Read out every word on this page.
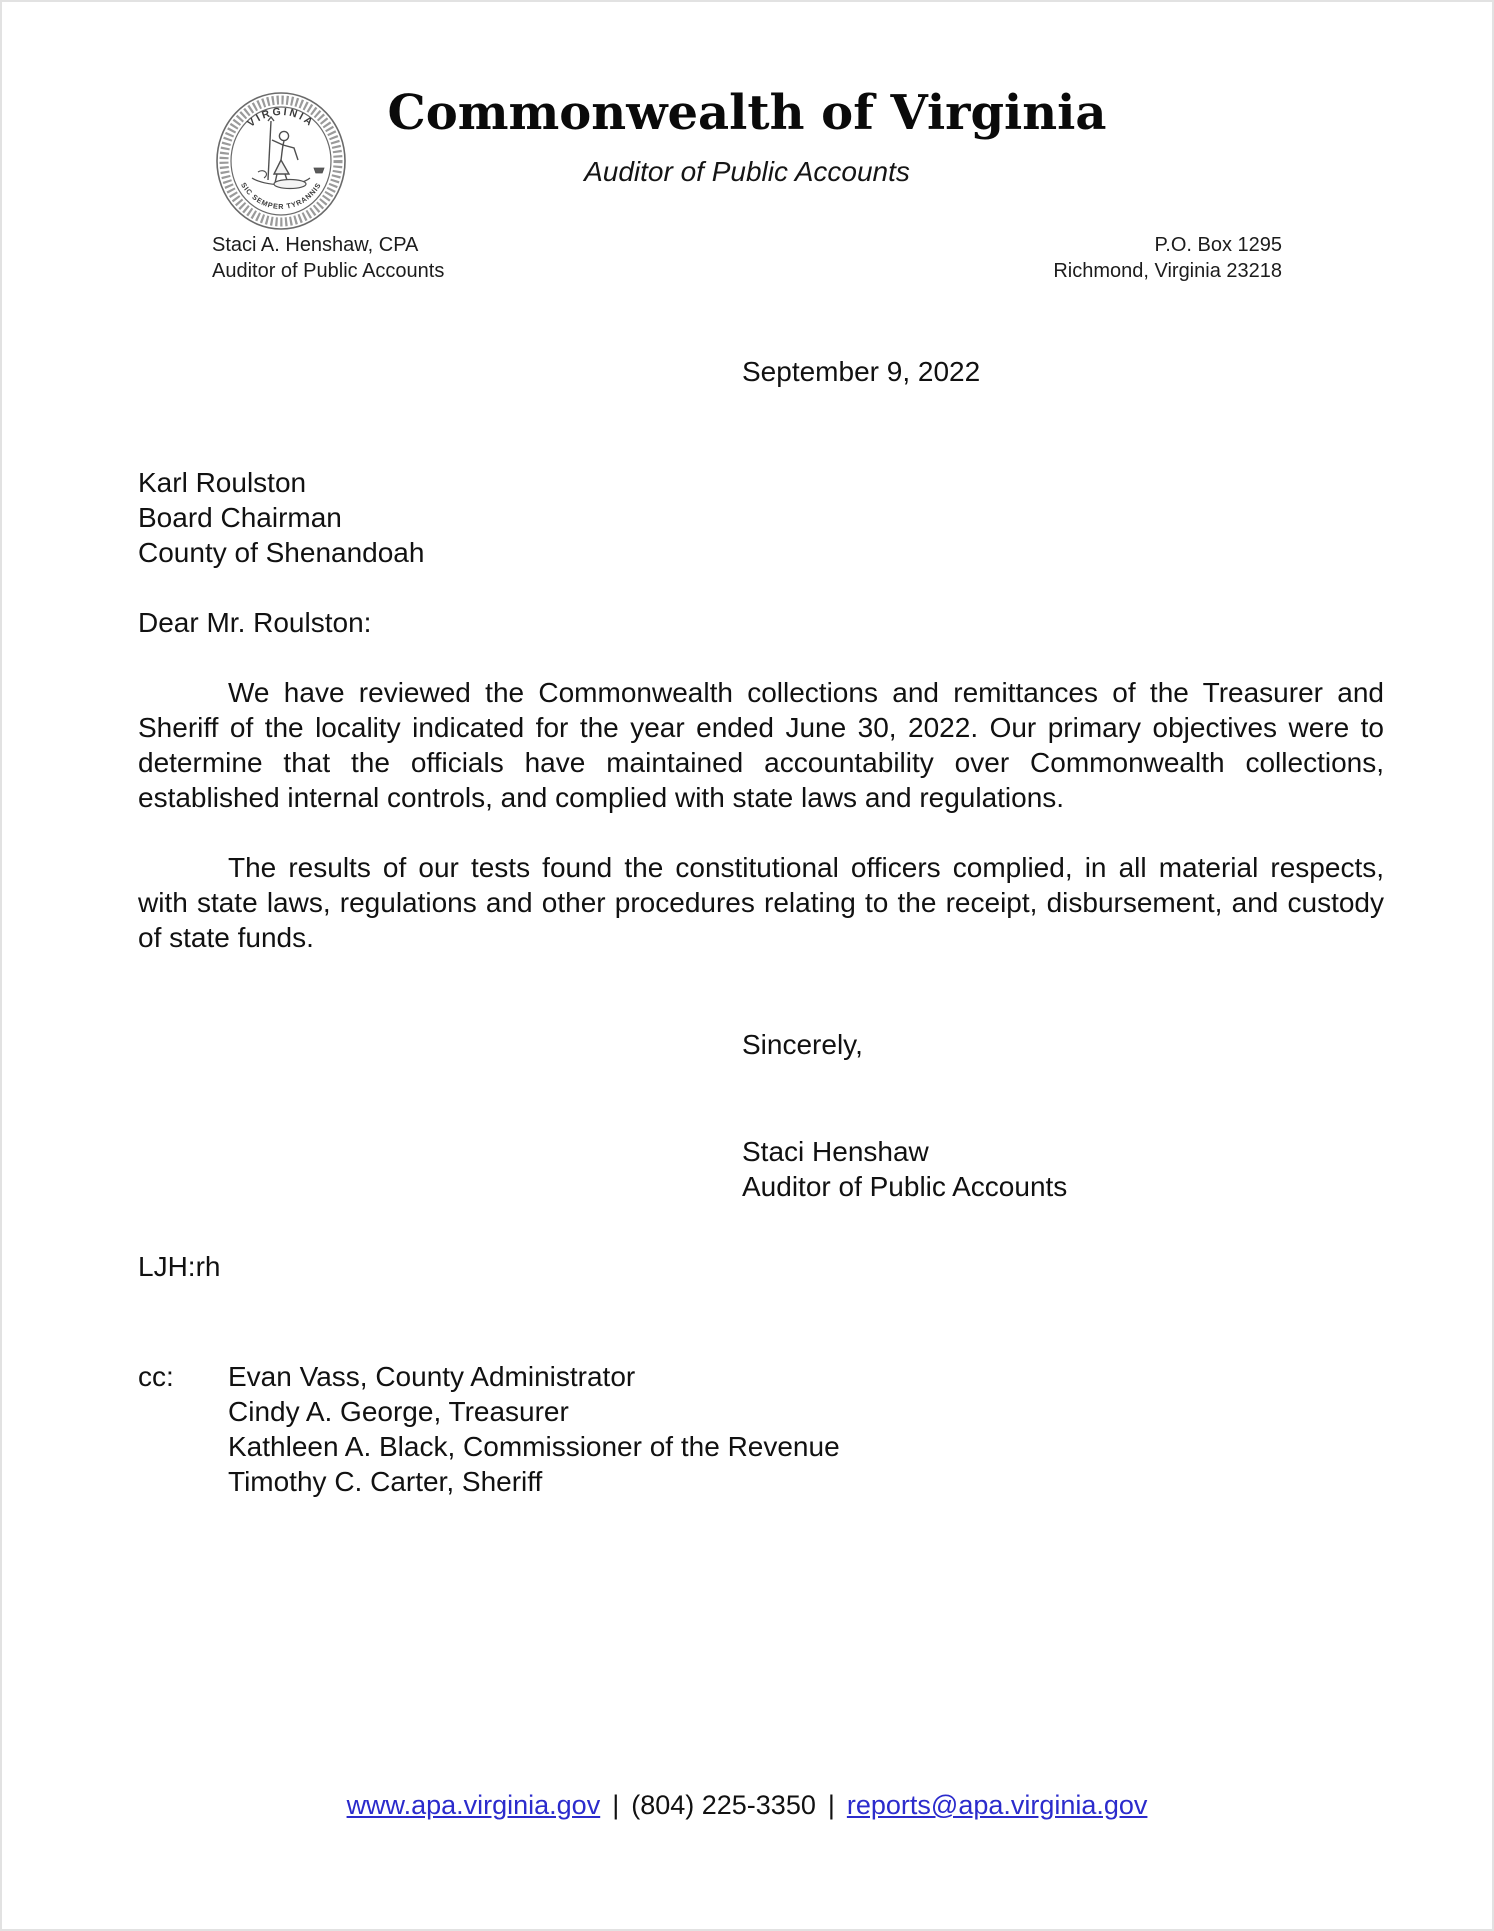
VIRGINIA
SIC SEMPER TYRANNIS
Commonwealth of Virginia
Auditor of Public Accounts
Staci A. Henshaw, CPA
Auditor of Public Accounts
P.O. Box 1295
Richmond, Virginia 23218
September 9, 2022
Karl Roulston
Board Chairman
County of Shenandoah
Dear Mr. Roulston:

We have reviewed the Commonwealth collections and remittances of the Treasurer and Sheriff of the locality indicated for the year ended June 30, 2022. Our primary objectives were to determine that the officials have maintained accountability over Commonwealth collections, established internal controls, and complied with state laws and regulations.

The results of our tests found the constitutional officers complied, in all material respects, with state laws, regulations and other procedures relating to the receipt, disbursement, and custody of state funds.

Sincerely,
Staci Henshaw
Auditor of Public Accounts
LJH:rh
cc:	Evan Vass, County Administrator
Cindy A. George, Treasurer
Kathleen A. Black, Commissioner of the Revenue
Timothy C. Carter, Sheriff
www.apa.virginia.gov | (804) 225-3350 | reports@apa.virginia.gov
